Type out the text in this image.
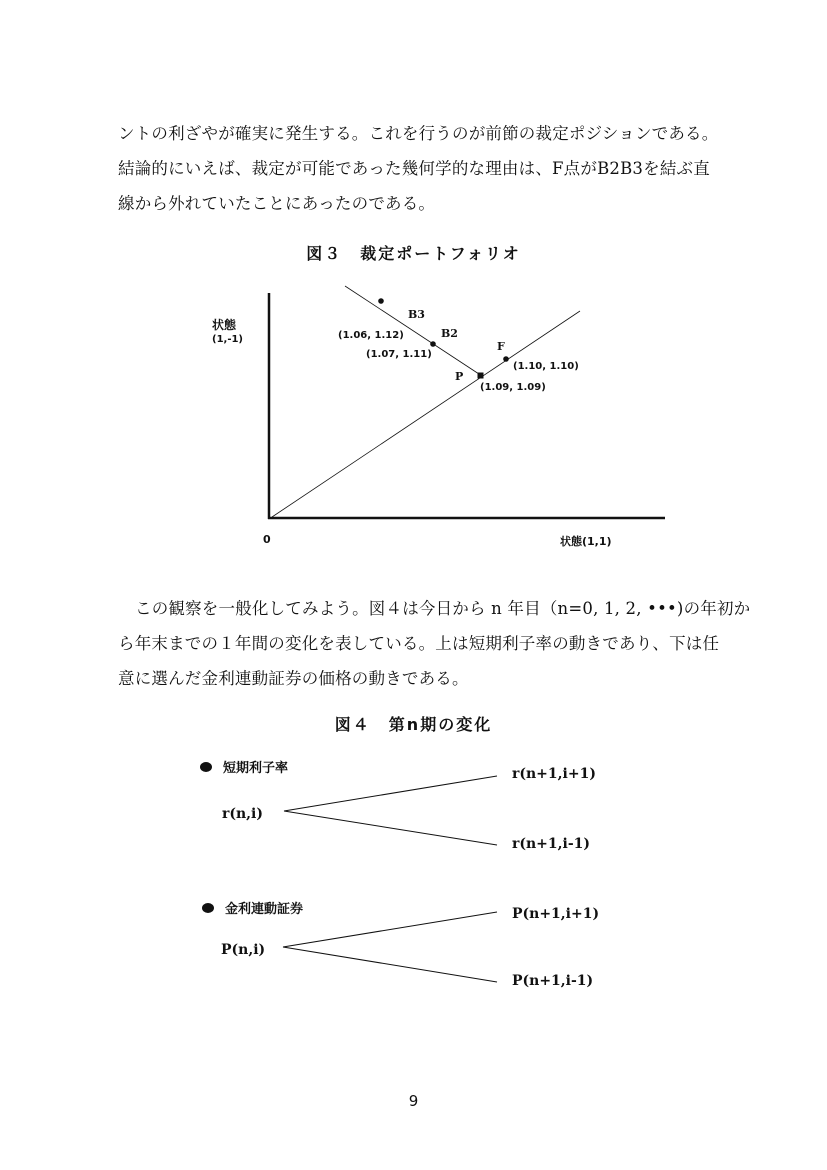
ントの利ざやが確実に発生する。これを行うのが前節の裁定ポジションである。
結論的にいえば、裁定が可能であった幾何学的な理由は、F点がB2B3を結ぶ直
線から外れていたことにあったのである。
図３　裁定ポートフォリオ
状態
(1,-1)
B3
(1.06, 1.12)	B2
(1.07, 1.11)
F
(1.10, 1.10)
P
(1.09, 1.09)
0	状態(1,1)
この観察を一般化してみよう。図４は今日から n 年目（n=0, 1, 2, •••)の年初か
ら年末までの１年間の変化を表している。上は短期利子率の動きであり、下は任
意に選んだ金利連動証券の価格の動きである。
図４　第n期の変化
短期利子率
r(n,i)
r(n+1,i+1)
r(n+1,i-1)
金利連動証券
P(n,i)
P(n+1,i+1)
P(n+1,i-1)
9
